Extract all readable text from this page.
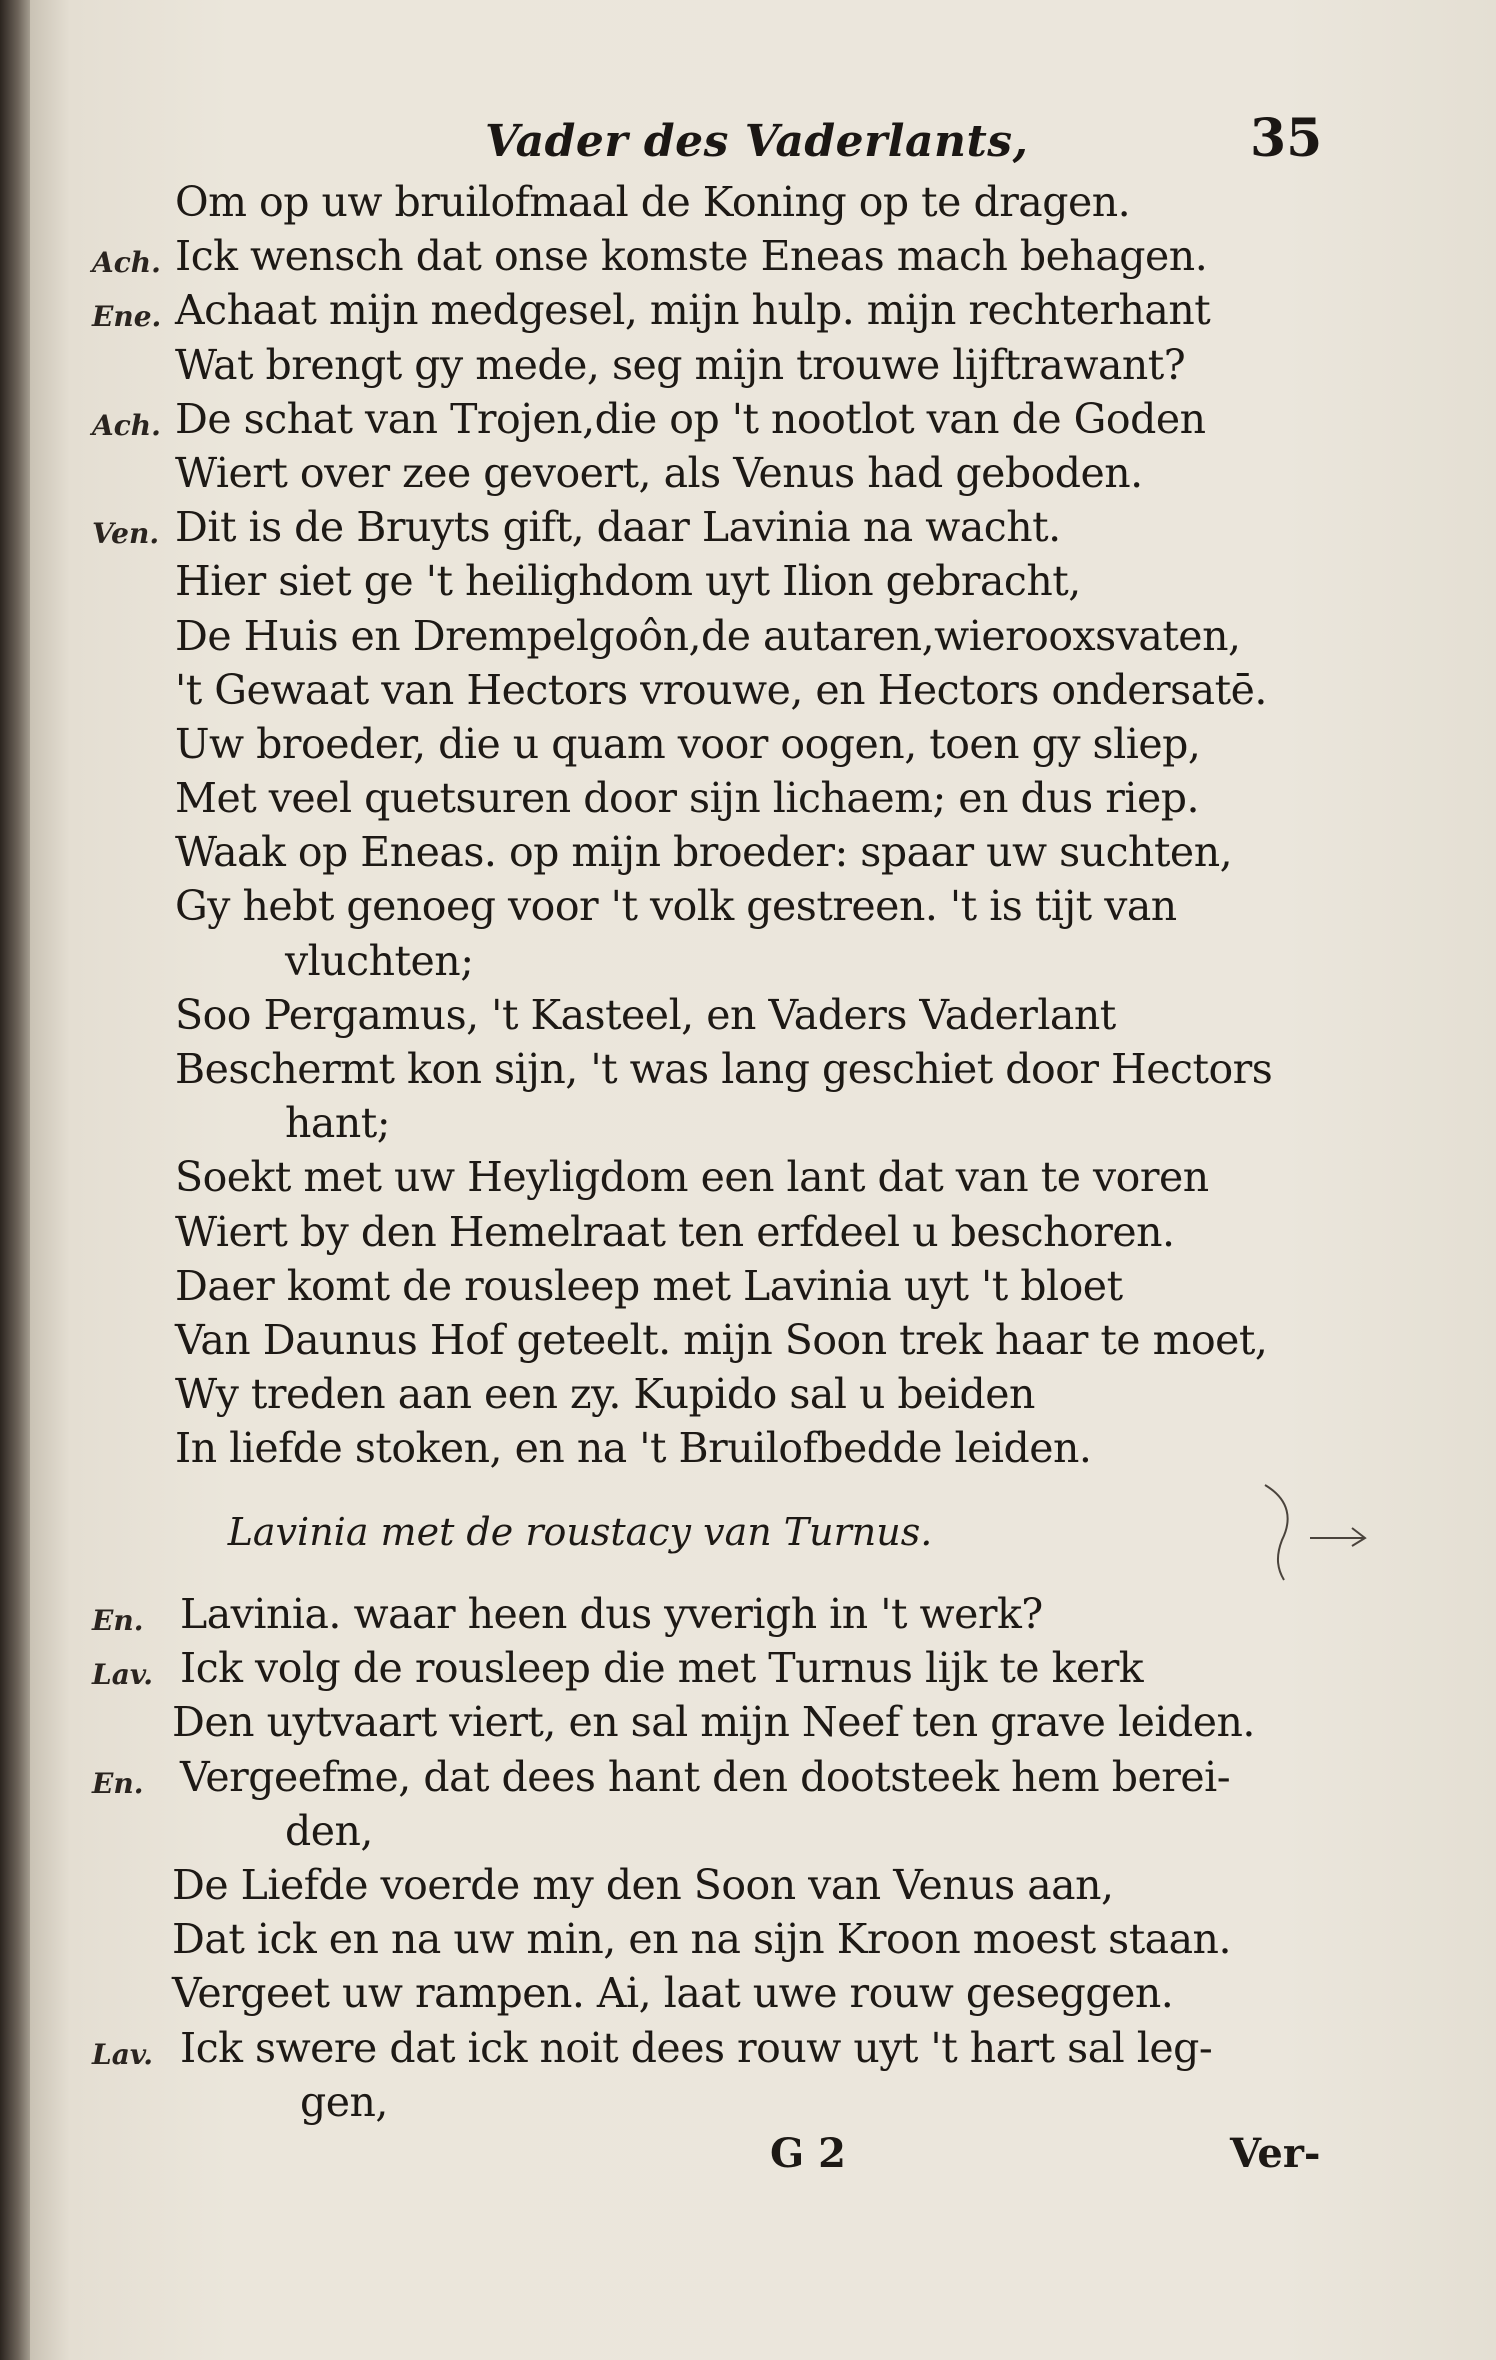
Vader des Vaderlants,	35
Om op uw bruilofmaal de Koning op te dragen.
Ach. Ick wensch dat onse komste Eneas mach behagen.
Ene. Achaat mijn medgesel, mijn hulp. mijn rechterhant
Wat brengt gy mede, seg mijn trouwe lijftrawant?
Ach. De schat van Trojen,die op 't nootlot van de Goden
Wiert over zee gevoert, als Venus had geboden.
Ven. Dit is de Bruyts gift, daar Lavinia na wacht.
Hier siet ge 't heilighdom uyt Ilion gebracht,
De Huis en Drempelgoôn,de autaren,wierooxsvaten,
't Gewaat van Hectors vrouwe, en Hectors ondersatē.
Uw broeder, die u quam voor oogen, toen gy sliep,
Met veel quetsuren door sijn lichaem; en dus riep.
Waak op Eneas. op mijn broeder: spaar uw suchten,
Gy hebt genoeg voor 't volk gestreen. 't is tijt van
vluchten;
Soo Pergamus, 't Kasteel, en Vaders Vaderlant
Beschermt kon sijn, 't was lang geschiet door Hectors
hant;
Soekt met uw Heyligdom een lant dat van te voren
Wiert by den Hemelraat ten erfdeel u beschoren.
Daer komt de rousleep met Lavinia uyt 't bloet
Van Daunus Hof geteelt. mijn Soon trek haar te moet,
Wy treden aan een zy. Kupido sal u beiden
In liefde stoken, en na 't Bruilofbedde leiden.
Lavinia met de roustacy van Turnus.
En. Lavinia. waar heen dus yverigh in 't werk?
Lav. Ick volg de rousleep die met Turnus lijk te kerk
Den uytvaart viert, en sal mijn Neef ten grave leiden.
En. Vergeefme, dat dees hant den dootsteek hem berei-
den,
De Liefde voerde my den Soon van Venus aan,
Dat ick en na uw min, en na sijn Kroon moest staan.
Vergeet uw rampen. Ai, laat uwe rouw geseggen.
Lav. Ick swere dat ick noit dees rouw uyt 't hart sal leg-
gen,
G 2	Ver-
